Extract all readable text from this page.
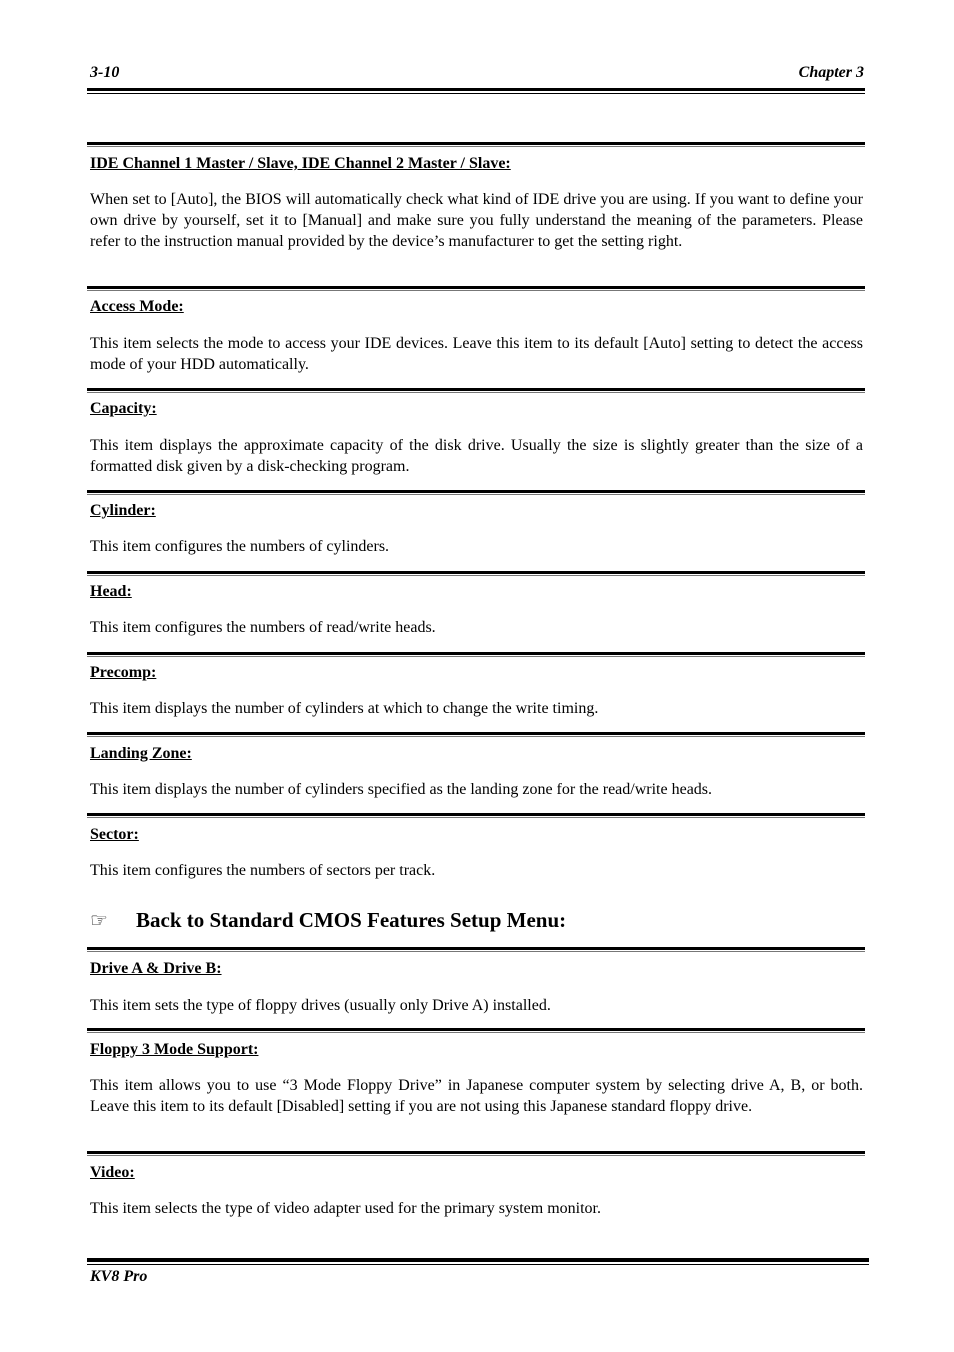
3-10	Chapter 3
IDE Channel 1 Master / Slave, IDE Channel 2 Master / Slave:
When set to [Auto], the BIOS will automatically check what kind of IDE drive you are using. If you want to define your own drive by yourself, set it to [Manual] and make sure you fully understand the meaning of the parameters. Please refer to the instruction manual provided by the device’s manufacturer to get the setting right.
Access Mode:
This item selects the mode to access your IDE devices. Leave this item to its default [Auto] setting to detect the access mode of your HDD automatically.
Capacity:
This item displays the approximate capacity of the disk drive. Usually the size is slightly greater than the size of a formatted disk given by a disk-checking program.
Cylinder:
This item configures the numbers of cylinders.
Head:
This item configures the numbers of read/write heads.
Precomp:
This item displays the number of cylinders at which to change the write timing.
Landing Zone:
This item displays the number of cylinders specified as the landing zone for the read/write heads.
Sector:
This item configures the numbers of sectors per track.
☞ Back to Standard CMOS Features Setup Menu:
Drive A & Drive B:
This item sets the type of floppy drives (usually only Drive A) installed.
Floppy 3 Mode Support:
This item allows you to use “3 Mode Floppy Drive” in Japanese computer system by selecting drive A, B, or both. Leave this item to its default [Disabled] setting if you are not using this Japanese standard floppy drive.
Video:
This item selects the type of video adapter used for the primary system monitor.
KV8 Pro
